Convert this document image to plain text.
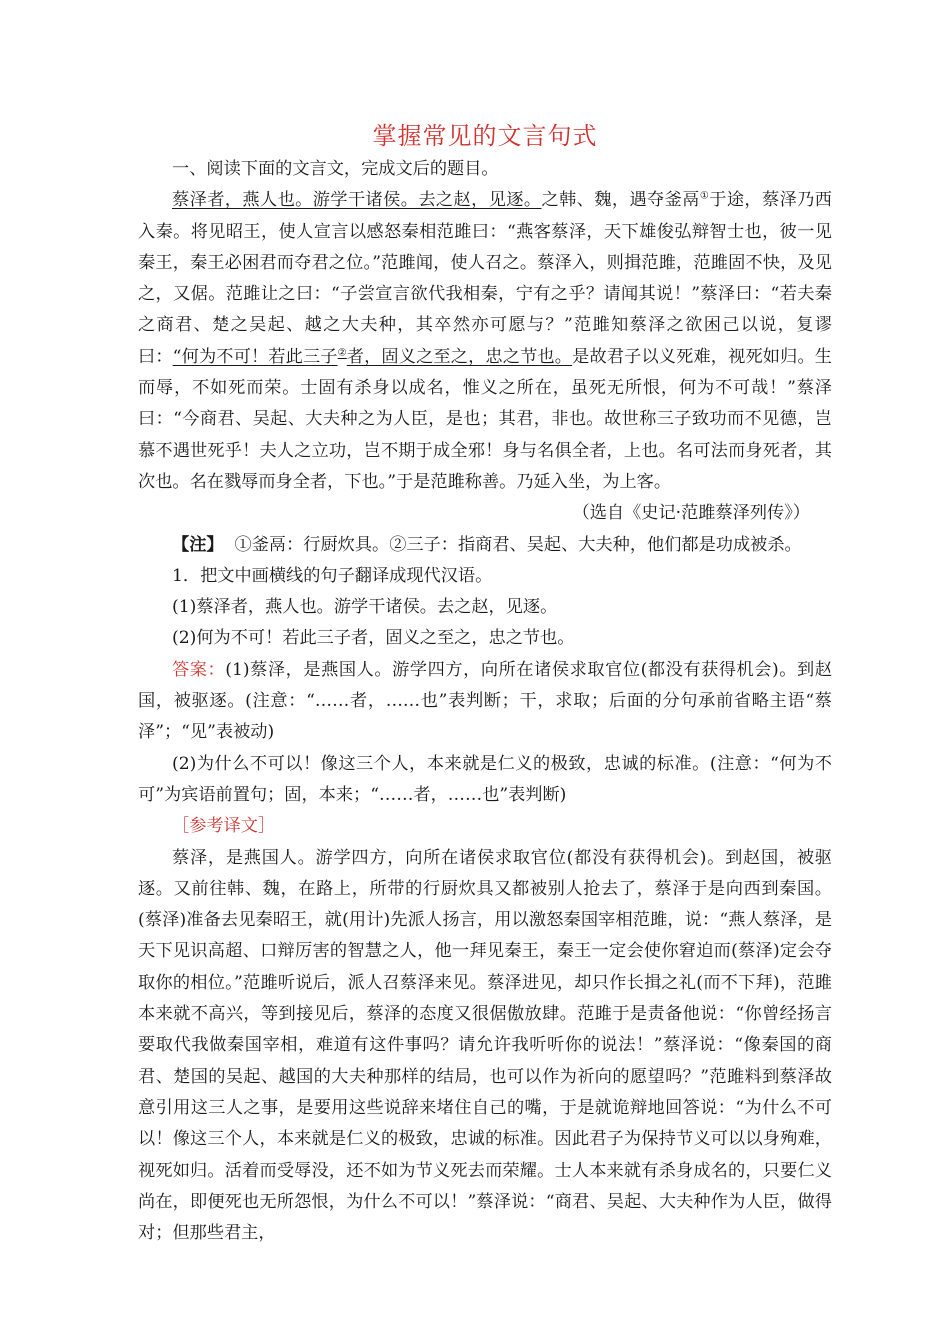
掌握常见的文言句式

一、阅读下面的文言文，完成文后的题目。

蔡泽者，燕人也。游学干诸侯。去之赵，见逐。之韩、魏，遇夺釜鬲①于途，蔡泽乃西入秦。将见昭王，使人宣言以感怒秦相范雎曰：“燕客蔡泽，天下雄俊弘辩智士也，彼一见秦王，秦王必困君而夺君之位。”范雎闻，使人召之。蔡泽入，则揖范雎，范雎固不快，及见之，又倨。范雎让之曰：“子尝宣言欲代我相秦，宁有之乎？请闻其说！”蔡泽曰：“若夫秦之商君、楚之吴起、越之大夫种，其卒然亦可愿与？”范雎知蔡泽之欲困己以说，复谬曰：“何为不可！若此三子②者，固义之至之，忠之节也。是故君子以义死难，视死如归。生而辱，不如死而荣。士固有杀身以成名，惟义之所在，虽死无所恨，何为不可哉！”蔡泽曰：“今商君、吴起、大夫种之为人臣，是也；其君，非也。故世称三子致功而不见德，岂慕不遇世死乎！夫人之立功，岂不期于成全邪！身与名俱全者，上也。名可法而身死者，其次也。名在戮辱而身全者，下也。”于是范雎称善。乃延入坐，为上客。

（选自《史记·范雎蔡泽列传》）

【注】 ①釜鬲：行厨炊具。②三子：指商君、吴起、大夫种，他们都是功成被杀。

1．把文中画横线的句子翻译成现代汉语。

(1)蔡泽者，燕人也。游学干诸侯。去之赵，见逐。

(2)何为不可！若此三子者，固义之至之，忠之节也。

答案：(1)蔡泽，是燕国人。游学四方，向所在诸侯求取官位(都没有获得机会)。到赵国，被驱逐。(注意：“……者，……也”表判断；干，求取；后面的分句承前省略主语“蔡泽”；“见”表被动)

(2)为什么不可以！像这三个人，本来就是仁义的极致，忠诚的标准。(注意：“何为不可”为宾语前置句；固，本来；“……者，……也”表判断)

［参考译文］

蔡泽，是燕国人。游学四方，向所在诸侯求取官位(都没有获得机会)。到赵国，被驱逐。又前往韩、魏，在路上，所带的行厨炊具又都被别人抢去了，蔡泽于是向西到秦国。(蔡泽)准备去见秦昭王，就(用计)先派人扬言，用以激怒秦国宰相范雎，说：“燕人蔡泽，是天下见识高超、口辩厉害的智慧之人，他一拜见秦王，秦王一定会使你窘迫而(蔡泽)定会夺取你的相位。”范雎听说后，派人召蔡泽来见。蔡泽进见，却只作长揖之礼(而不下拜)，范雎本来就不高兴，等到接见后，蔡泽的态度又很倨傲放肆。范雎于是责备他说：“你曾经扬言要取代我做秦国宰相，难道有这件事吗？请允许我听听你的说法！”蔡泽说：“像秦国的商君、楚国的吴起、越国的大夫种那样的结局，也可以作为祈向的愿望吗？”范雎料到蔡泽故意引用这三人之事，是要用这些说辞来堵住自己的嘴，于是就诡辩地回答说：“为什么不可以！像这三个人，本来就是仁义的极致，忠诚的标准。因此君子为保持节义可以以身殉难，视死如归。活着而受辱没，还不如为节义死去而荣耀。士人本来就有杀身成名的，只要仁义尚在，即便死也无所怨恨，为什么不可以！”蔡泽说：“商君、吴起、大夫种作为人臣，做得对；但那些君主，
